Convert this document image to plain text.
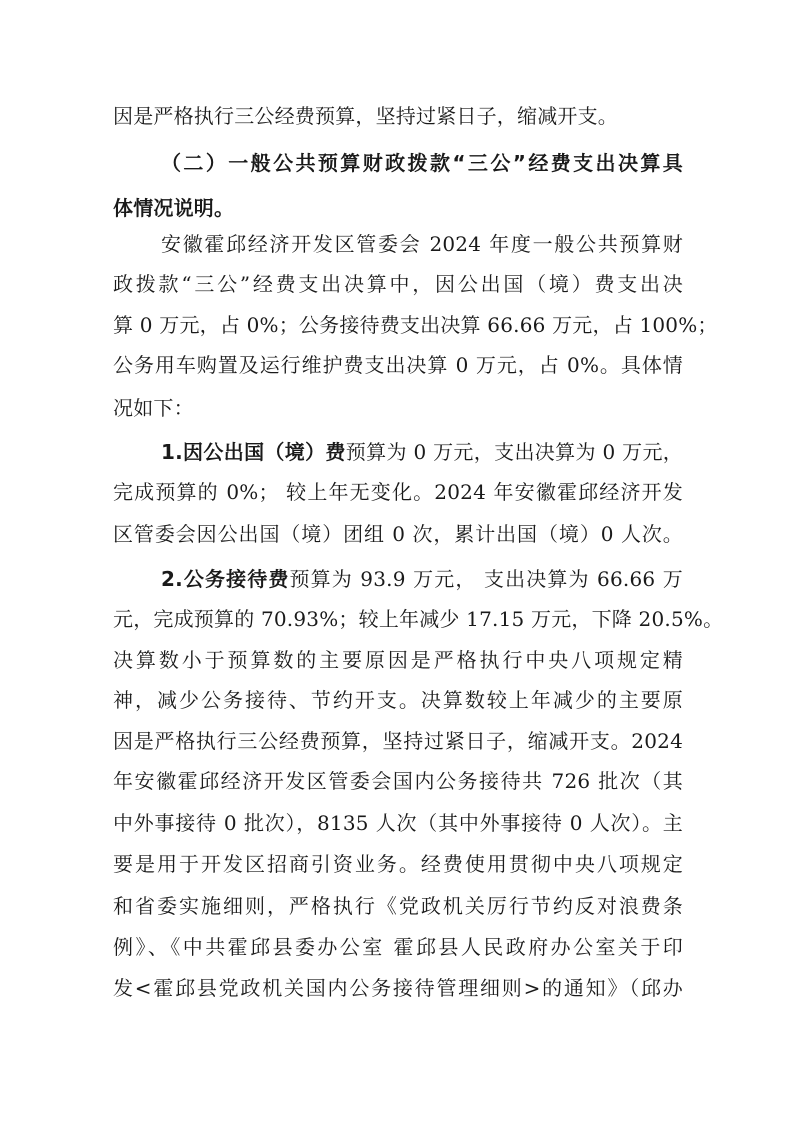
因是严格执行三公经费预算，坚持过紧日子，缩减开支。
（二）一般公共预算财政拨款“三公”经费支出决算具
体情况说明。
安徽霍邱经济开发区管委会 2024 年度一般公共预算财
政拨款“三公”经费支出决算中，因公出国（境）费支出决
算 0 万元，占 0%；公务接待费支出决算 66.66 万元，占 100%；
公务用车购置及运行维护费支出决算 0 万元，占 0%。具体情
况如下：
1.因公出国（境）费预算为 0 万元，支出决算为 0 万元，
完成预算的 0%； 较上年无变化。2024 年安徽霍邱经济开发
区管委会因公出国（境）团组 0 次，累计出国（境）0 人次。
2.公务接待费预算为 93.9 万元， 支出决算为 66.66 万
元，完成预算的 70.93%；较上年减少 17.15 万元，下降 20.5%。
决算数小于预算数的主要原因是严格执行中央八项规定精
神，减少公务接待、节约开支。决算数较上年减少的主要原
因是严格执行三公经费预算，坚持过紧日子，缩减开支。2024
年安徽霍邱经济开发区管委会国内公务接待共 726 批次（其
中外事接待 0 批次），8135 人次（其中外事接待 0 人次）。主
要是用于开发区招商引资业务。经费使用贯彻中央八项规定
和省委实施细则，严格执行《党政机关厉行节约反对浪费条
例》、《中共霍邱县委办公室 霍邱县人民政府办公室关于印
发<霍邱县党政机关国内公务接待管理细则>的通知》（邱办
